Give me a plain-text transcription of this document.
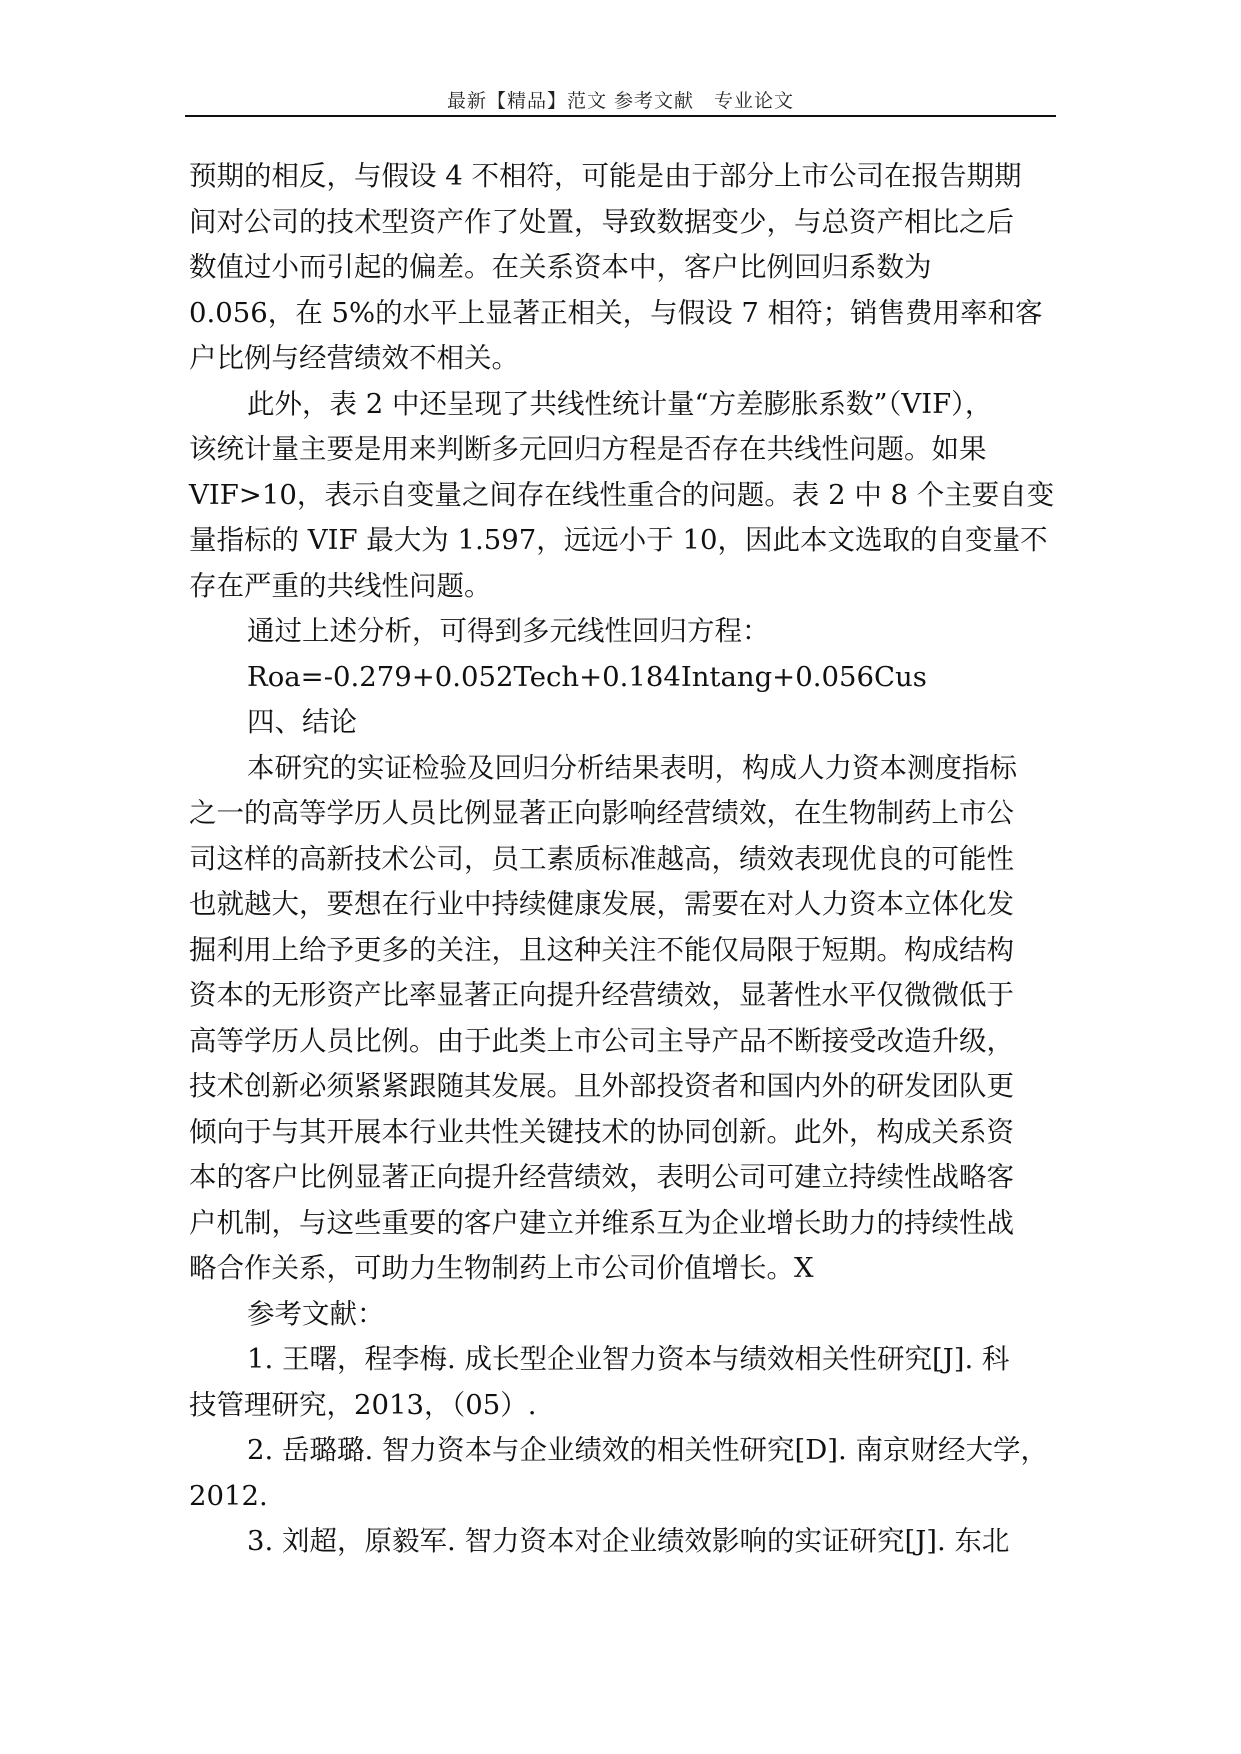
最新【精品】范文 参考文献　专业论文
预期的相反，与假设 4 不相符，可能是由于部分上市公司在报告期期
间对公司的技术型资产作了处置，导致数据变少，与总资产相比之后
数值过小而引起的偏差。在关系资本中，客户比例回归系数为
0.056，在 5%的水平上显著正相关，与假设 7 相符；销售费用率和客
户比例与经营绩效不相关。
此外，表 2 中还呈现了共线性统计量“方差膨胀系数”（VIF），
该统计量主要是用来判断多元回归方程是否存在共线性问题。如果
VIF>10，表示自变量之间存在线性重合的问题。表 2 中 8 个主要自变
量指标的 VIF 最大为 1.597，远远小于 10，因此本文选取的自变量不
存在严重的共线性问题。
通过上述分析，可得到多元线性回归方程：
Roa=-0.279+0.052Tech+0.184Intang+0.056Cus
四、结论
本研究的实证检验及回归分析结果表明，构成人力资本测度指标
之一的高等学历人员比例显著正向影响经营绩效，在生物制药上市公
司这样的高新技术公司，员工素质标准越高，绩效表现优良的可能性
也就越大，要想在行业中持续健康发展，需要在对人力资本立体化发
掘利用上给予更多的关注，且这种关注不能仅局限于短期。构成结构
资本的无形资产比率显著正向提升经营绩效，显著性水平仅微微低于
高等学历人员比例。由于此类上市公司主导产品不断接受改造升级，
技术创新必须紧紧跟随其发展。且外部投资者和国内外的研发团队更
倾向于与其开展本行业共性关键技术的协同创新。此外，构成关系资
本的客户比例显著正向提升经营绩效，表明公司可建立持续性战略客
户机制，与这些重要的客户建立并维系互为企业增长助力的持续性战
略合作关系，可助力生物制药上市公司价值增长。X
参考文献：
1. 王曙，程李梅. 成长型企业智力资本与绩效相关性研究[J]. 科
技管理研究，2013，（05）.
2. 岳璐璐. 智力资本与企业绩效的相关性研究[D]. 南京财经大学，
2012.
3. 刘超，原毅军. 智力资本对企业绩效影响的实证研究[J]. 东北
